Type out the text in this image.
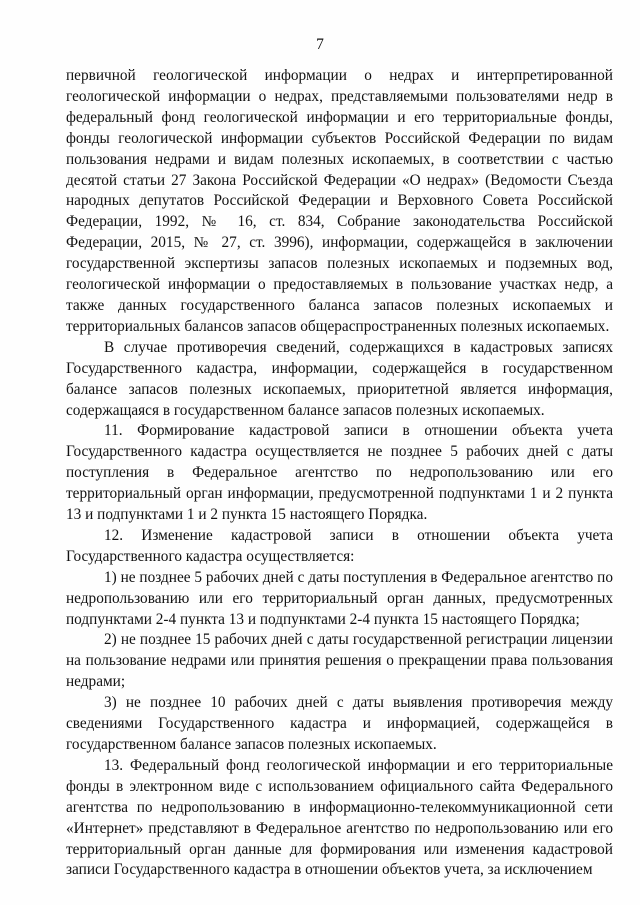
7

первичной геологической информации о недрах и интерпретированной геологической информации о недрах, представляемыми пользователями недр в федеральный фонд геологической информации и его территориальные фонды, фонды геологической информации субъектов Российской Федерации по видам пользования недрами и видам полезных ископаемых, в соответствии с частью десятой статьи 27 Закона Российской Федерации «О недрах» (Ведомости Съезда народных депутатов Российской Федерации и Верховного Совета Российской Федерации, 1992, № 16, ст. 834, Собрание законодательства Российской Федерации, 2015, № 27, ст. 3996), информации, содержащейся в заключении государственной экспертизы запасов полезных ископаемых и подземных вод, геологической информации о предоставляемых в пользование участках недр, а также данных государственного баланса запасов полезных ископаемых и территориальных балансов запасов общераспространенных полезных ископаемых.

В случае противоречия сведений, содержащихся в кадастровых записях Государственного кадастра, информации, содержащейся в государственном балансе запасов полезных ископаемых, приоритетной является информация, содержащаяся в государственном балансе запасов полезных ископаемых.

11. Формирование кадастровой записи в отношении объекта учета Государственного кадастра осуществляется не позднее 5 рабочих дней с даты поступления в Федеральное агентство по недропользованию или его территориальный орган информации, предусмотренной подпунктами 1 и 2 пункта 13 и подпунктами 1 и 2 пункта 15 настоящего Порядка.

12. Изменение кадастровой записи в отношении объекта учета Государственного кадастра осуществляется:

1) не позднее 5 рабочих дней с даты поступления в Федеральное агентство по недропользованию или его территориальный орган данных, предусмотренных подпунктами 2-4 пункта 13 и подпунктами 2-4 пункта 15 настоящего Порядка;

2) не позднее 15 рабочих дней с даты государственной регистрации лицензии на пользование недрами или принятия решения о прекращении права пользования недрами;

3) не позднее 10 рабочих дней с даты выявления противоречия между сведениями Государственного кадастра и информацией, содержащейся в государственном балансе запасов полезных ископаемых.

13. Федеральный фонд геологической информации и его территориальные фонды в электронном виде с использованием официального сайта Федерального агентства по недропользованию в информационно-телекоммуникационной сети «Интернет» представляют в Федеральное агентство по недропользованию или его территориальный орган данные для формирования или изменения кадастровой записи Государственного кадастра в отношении объектов учета, за исключением
